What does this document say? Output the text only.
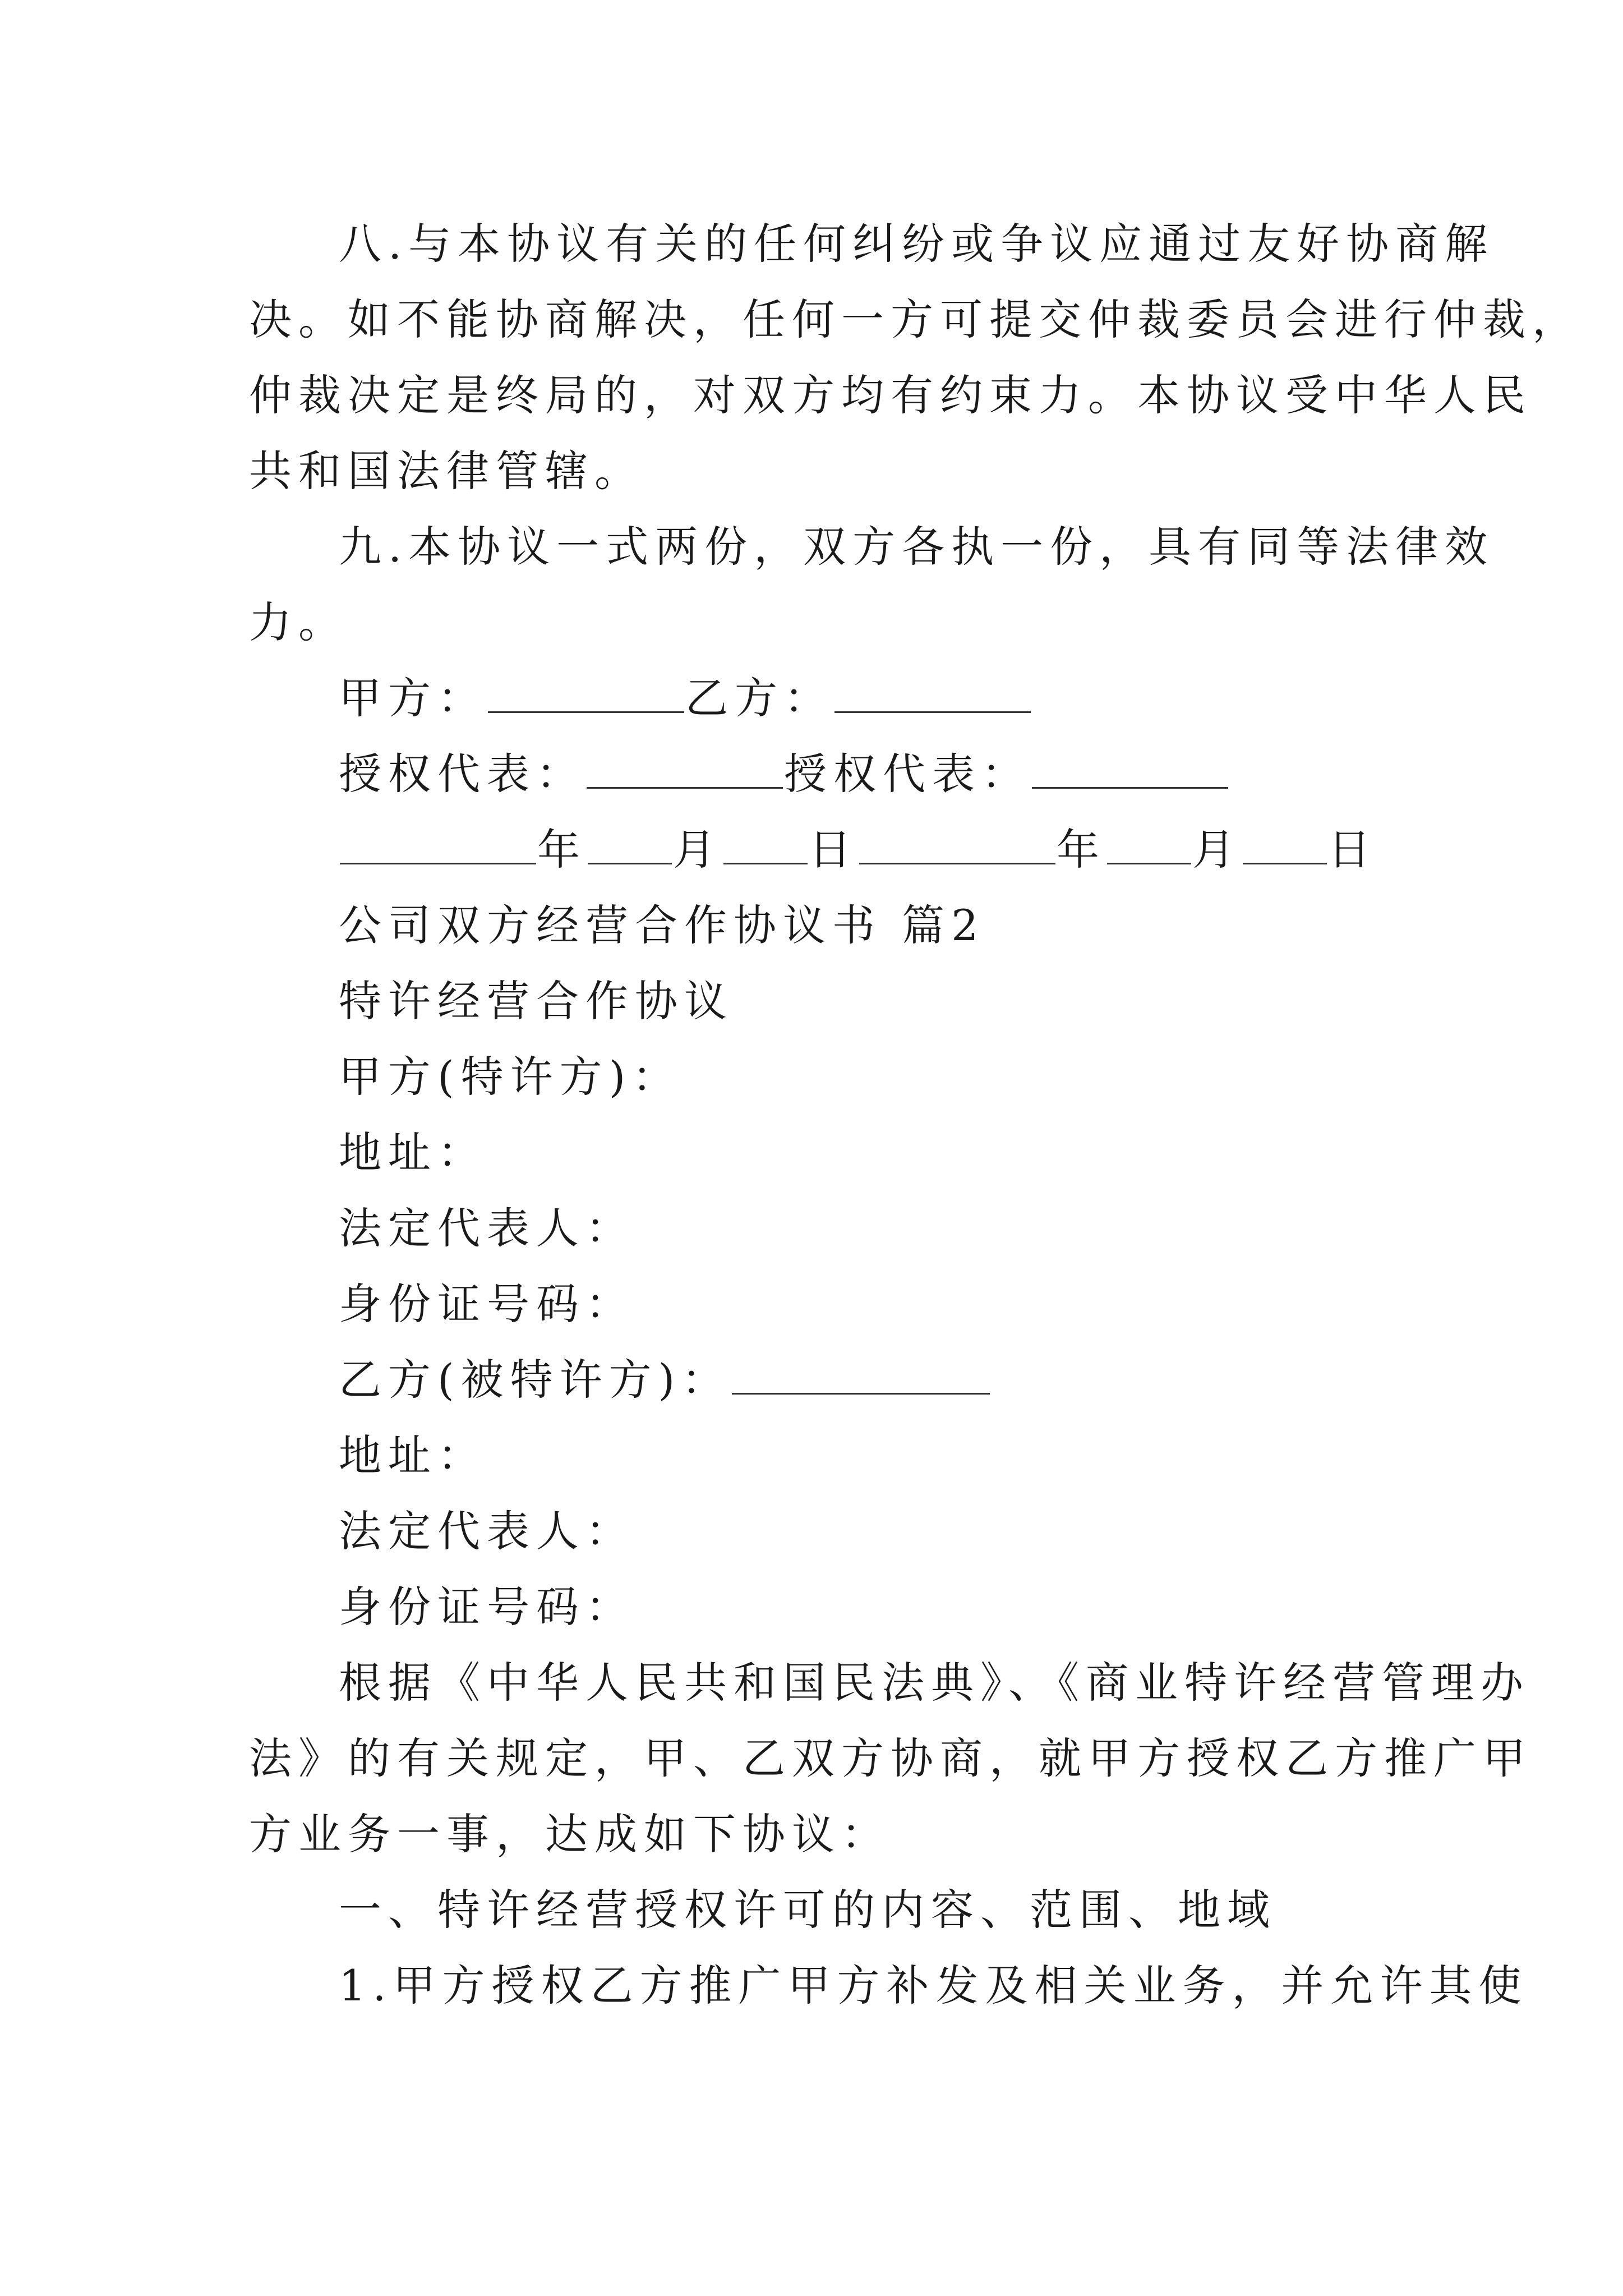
八.与本协议有关的任何纠纷或争议应通过友好协商解
决。如不能协商解决，任何一方可提交仲裁委员会进行仲裁，
仲裁决定是终局的，对双方均有约束力。本协议受中华人民
共和国法律管辖。
九.本协议一式两份，双方各执一份，具有同等法律效
力。
甲方：	乙方：
授权代表：	授权代表：
年 月 日	年 月 日
公司双方经营合作协议书 篇2
特许经营合作协议
甲方(特许方)：
地址：
法定代表人：
身份证号码：
乙方(被特许方)：
地址：
法定代表人：
身份证号码：
根据《中华人民共和国民法典》、《商业特许经营管理办
法》的有关规定，甲、乙双方协商，就甲方授权乙方推广甲
方业务一事，达成如下协议：
一、特许经营授权许可的内容、范围、地域
1.甲方授权乙方推广甲方补发及相关业务，并允许其使
